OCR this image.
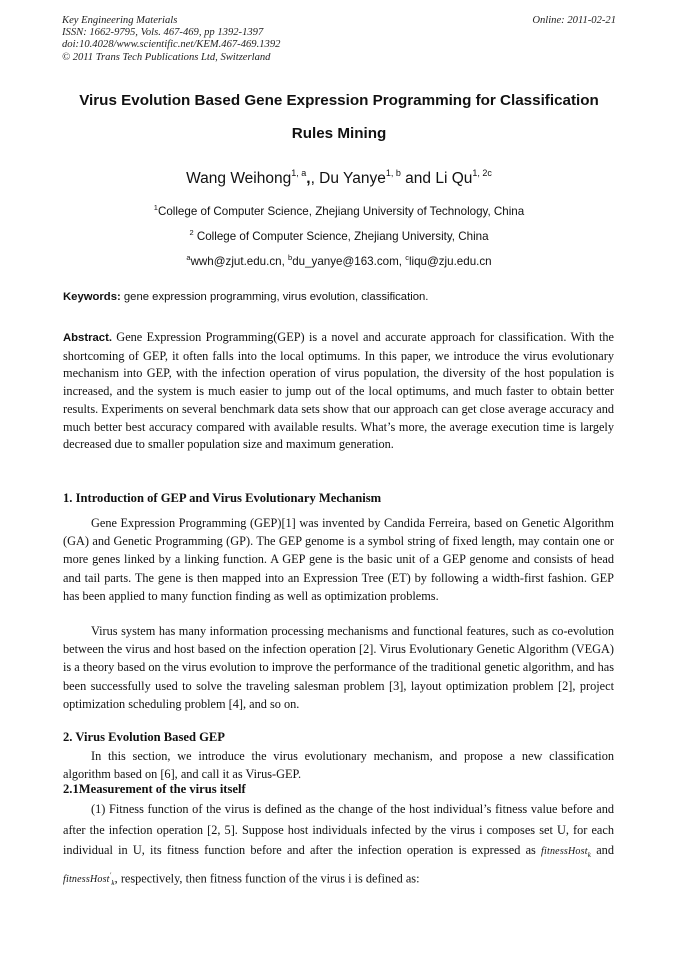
Key Engineering Materials
ISSN: 1662-9795, Vols. 467-469, pp 1392-1397
doi:10.4028/www.scientific.net/KEM.467-469.1392
© 2011 Trans Tech Publications Ltd, Switzerland
Online: 2011-02-21
Virus Evolution Based Gene Expression Programming for Classification
Rules Mining
Wang Weihong$^{1, a}$,, Du Yanye$^{1, b}$ and Li $Qu^{1, 2c}$
$^1$College of Computer Science, Zhejiang University of Technology, China
$^2$ College of Computer Science, Zhejiang University, China
$^a$wwh@zjut.edu.cn, $^b$du_yanye@163.com, $^c$liqu@zju.edu.cn
Keywords: gene expression programming, virus evolution, classification.
Abstract. Gene Expression Programming(GEP) is a novel and accurate approach for classification. With the shortcoming of GEP, it often falls into the local optimums. In this paper, we introduce the virus evolutionary mechanism into GEP, with the infection operation of virus population, the diversity of the host population is increased, and the system is much easier to jump out of the local optimums, and much faster to obtain better results. Experiments on several benchmark data sets show that our approach can get close average accuracy and much better best accuracy compared with available results. What’s more, the average execution time is largely decreased due to smaller population size and maximum generation.
1. Introduction of GEP and Virus Evolutionary Mechanism
Gene Expression Programming (GEP)[1] was invented by Candida Ferreira, based on Genetic Algorithm (GA) and Genetic Programming (GP). The GEP genome is a symbol string of fixed length, may contain one or more genes linked by a linking function. A GEP gene is the basic unit of a GEP genome and consists of head and tail parts. The gene is then mapped into an Expression Tree (ET) by following a width-first fashion. GEP has been applied to many function finding as well as optimization problems.
Virus system has many information processing mechanisms and functional features, such as co-evolution between the virus and host based on the infection operation [2]. Virus Evolutionary Genetic Algorithm (VEGA) is a theory based on the virus evolution to improve the performance of the traditional genetic algorithm, and has been successfully used to solve the traveling salesman problem [3], layout optimization problem [2], project optimization scheduling problem [4], and so on.
2. Virus Evolution Based GEP
In this section, we introduce the virus evolutionary mechanism, and propose a new classification algorithm based on [6], and call it as Virus-GEP.
2.1Measurement of the virus itself
(1) Fitness function of the virus is defined as the change of the host individual’s fitness value before and after the infection operation [2, 5]. Suppose host individuals infected by the virus i composes set U, for each individual in U, its fitness function before and after the infection operation is expressed as fitnessHost$_k$ and fitnessHost'$_k$, respectively, then fitness function of the virus i is defined as:
